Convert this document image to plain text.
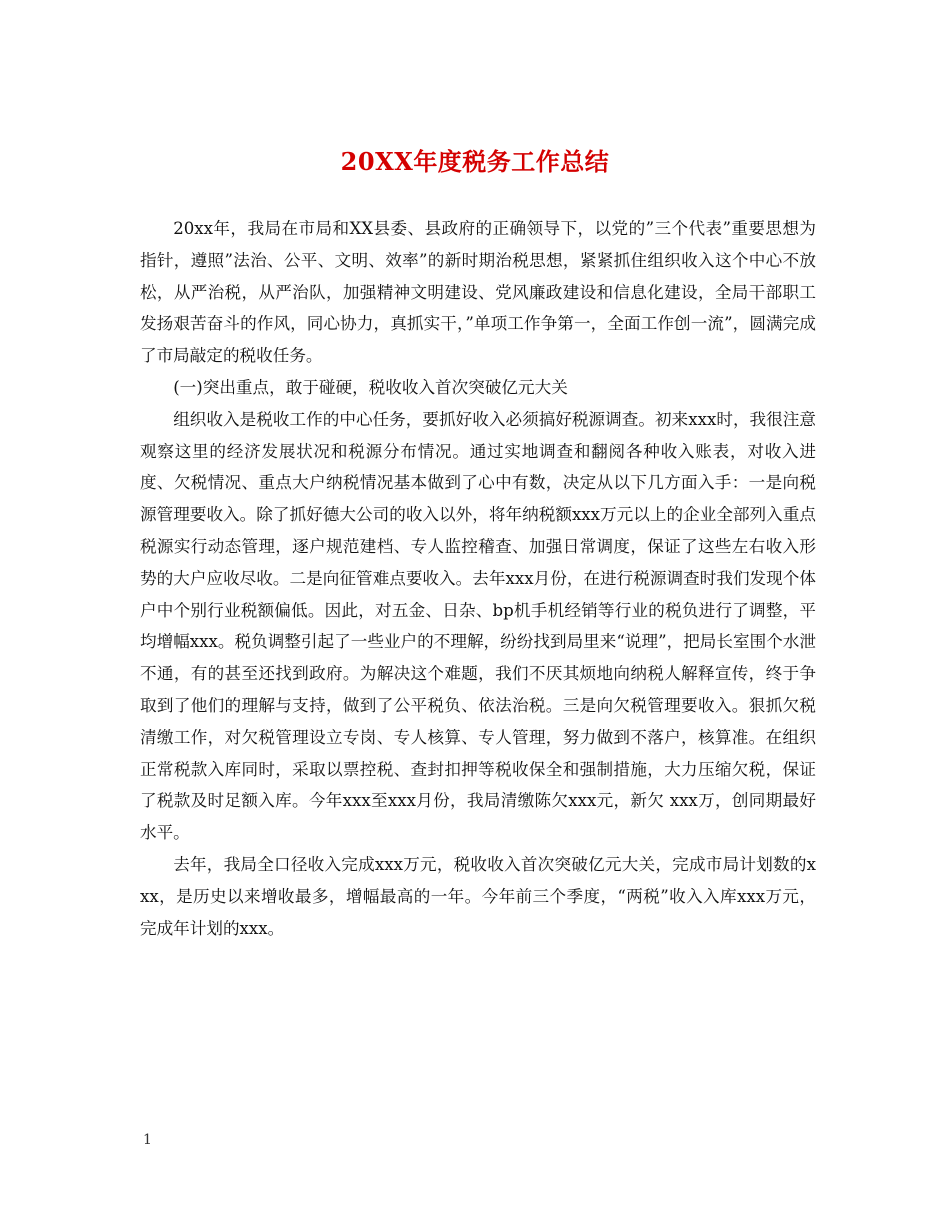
20XX年度税务工作总结

20xx年，我局在市局和XX县委、县政府的正确领导下，以党的”三个代表”重要思想为指针，遵照”法治、公平、文明、效率”的新时期治税思想，紧紧抓住组织收入这个中心不放松，从严治税，从严治队，加强精神文明建设、党风廉政建设和信息化建设，全局干部职工发扬艰苦奋斗的作风，同心协力，真抓实干，”单项工作争第一，全面工作创一流”，圆满完成了市局敲定的税收任务。

(一)突出重点，敢于碰硬，税收收入首次突破亿元大关

组织收入是税收工作的中心任务，要抓好收入必须搞好税源调查。初来xxx时，我很注意观察这里的经济发展状况和税源分布情况。通过实地调查和翻阅各种收入账表，对收入进度、欠税情况、重点大户纳税情况基本做到了心中有数，决定从以下几方面入手：一是向税源管理要收入。除了抓好德大公司的收入以外，将年纳税额xxx万元以上的企业全部列入重点税源实行动态管理，逐户规范建档、专人监控稽查、加强日常调度，保证了这些左右收入形势的大户应收尽收。二是向征管难点要收入。去年xxx月份，在进行税源调查时我们发现个体户中个别行业税额偏低。因此，对五金、日杂、bp机手机经销等行业的税负进行了调整，平均增幅xxx。税负调整引起了一些业户的不理解，纷纷找到局里来“说理”，把局长室围个水泄不通，有的甚至还找到政府。为解决这个难题，我们不厌其烦地向纳税人解释宣传，终于争取到了他们的理解与支持，做到了公平税负、依法治税。三是向欠税管理要收入。狠抓欠税清缴工作，对欠税管理设立专岗、专人核算、专人管理，努力做到不落户，核算准。在组织正常税款入库同时，采取以票控税、查封扣押等税收保全和强制措施，大力压缩欠税，保证了税款及时足额入库。今年xxx至xxx月份，我局清缴陈欠xxx元，新欠 xxx万，创同期最好水平。

去年，我局全口径收入完成xxx万元，税收收入首次突破亿元大关，完成市局计划数的xxx，是历史以来增收最多，增幅最高的一年。今年前三个季度，“两税”收入入库xxx万元，完成年计划的xxx。

1
